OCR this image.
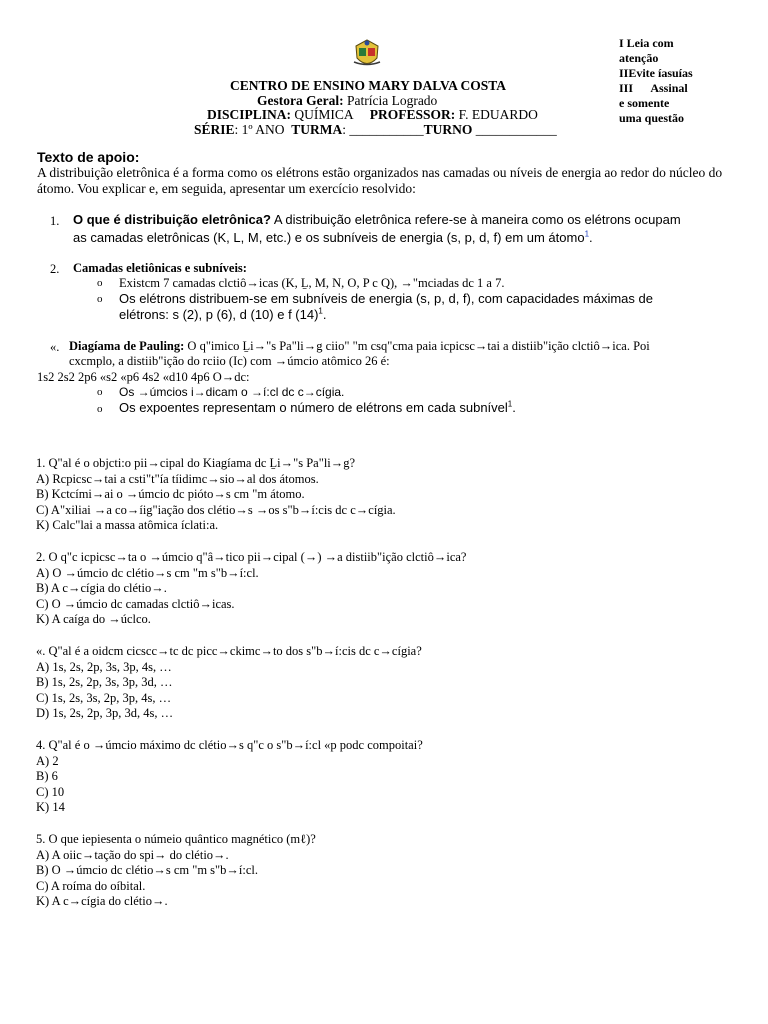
I Leia com
atenção
IIEvite íasuías
III      Assinal
e somente
uma questão
CENTRO DE ENSINO MARY DALVA COSTA
Gestora Geral: Patrícia Logrado
DISCIPLINA: QUÍMICA PROFESSOR: F. EDUARDO
SÉRIE: 1º ANO TURMA: ___________TURNO ____________
Texto de apoio:
A distribuição eletrônica é a forma como os elétrons estão organizados nas camadas ou níveis de energia ao redor do núcleo do átomo. Vou explicar e, em seguida, apresentar um exercício resolvido:
1. O que é distribuição eletrônica? A distribuição eletrônica refere-se à maneira como os elétrons ocupam
as camadas eletrônicas (K, L, M, etc.) e os subníveis de energia (s, p, d, f) em um átomo$^1$.
2. Camadas eletiônicas e subníveis:
o Existcm 7 camadas clctiô→icas (K, Ḻ, M, N, O, P c Q), →"mciadas dc 1 a 7.
o Os elétrons distribuem-se em subníveis de energia (s, p, d, f), com capacidades máximas de
elétrons: s (2), p (6), d (10) e f $(14)^1$.
«. Diagíama de Pauling: O q"imico Ḻi→"s Pa"li→g ciio" "m csq"cma paia icpicsc→tai a distiib"ição clctiô→ica. Poi
cxcmplo, a distiib"ição do rciio (Ic) com →úmcio atômico 26 é:
1s2 2s2 2p6 «s2 «p6 4s2 «d10 4p6 O→dc:
o Os →úmcios i→dicam o →í:cl dc c→cígia.
o Os expoentes representam o número de elétrons em cada subnível$^1$.
1. Q"al é o objcti:o pii→cipal do Kiagíama dc Ḻi→"s Pa"li→g?
A) Rcpicsc→tai a csti"t"ía tíidimc→sio→al dos átomos.
B) Kctcími→ai o →úmcio dc pióto→s cm "m átomo.
C) A"xiliai →a co→íig"iação dos clétio→s →os s"b→í:cis dc c→cígia.
K) Calc"lai a massa atômica íclati:a.
2. O q"c icpicsc→ta o →úmcio q"â→tico pii→cipal (→) →a distiib"ição clctiô→ica?
A) O →úmcio dc clétio→s cm "m s"b→í:cl.
B) A c→cígia do clétio→.
C) O →úmcio dc camadas clctiô→icas.
K) A caíga do →úclco.
«. Q"al é a oidcm cicscc→tc dc picc→ckimc→to dos s"b→í:cis dc c→cígia?
A) 1s, 2s, 2p, 3s, 3p, 4s, …
B) 1s, 2s, 2p, 3s, 3p, 3d, …
C) 1s, 2s, 3s, 2p, 3p, 4s, …
D) 1s, 2s, 2p, 3p, 3d, 4s, …
4. Q"al é o →úmcio máximo dc clétio→s q"c o s"b→í:cl «p podc compoitai?
A) 2
B) 6
C) 10
K) 14
5. O que iepiesenta o númeio quântico magnético (mℓ)?
A) A oiic→tação do spi→ do clétio→.
B) O →úmcio dc clétio→s cm "m s"b→í:cl.
C) A roíma do oíbital.
K) A c→cígia do clétio→.
